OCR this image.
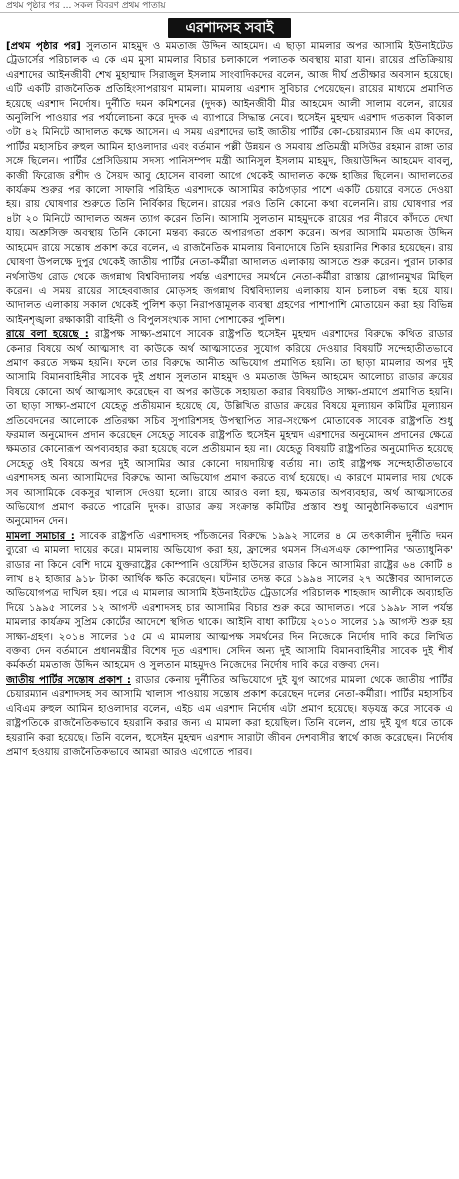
প্রথম পৃষ্ঠার পর ... সকল বিবরণ প্রথম পাতায়
এরশাদসহ সবাই

[প্রথম পৃষ্ঠার পর] সুলতান মাহমুদ ও মমতাজ উদ্দিন আহমেদ। এ ছাড়া মামলার অপর আসামি ইউনাইটেড ট্রেডার্সের পরিচালক এ কে এম মুসা মামলার বিচার চলাকালে পলাতক অবস্থায় মারা যান। রায়ের প্রতিক্রিয়ায় এরশাদের আইনজীবী শেখ মুহাম্মাদ সিরাজুল ইসলাম সাংবাদিকদের বলেন, আজ দীর্ঘ প্রতীক্ষার অবসান হয়েছে। এটি একটি রাজনৈতিক প্রতিহিংসাপরায়ণ মামলা। মামলায় এরশাদ সুবিচার পেয়েছেন। রায়ের মাধ্যমে প্রমাণিত হয়েছে এরশাদ নির্দোষ। দুর্নীতি দমন কমিশনের (দুদক) আইনজীবী মীর আহমেদ আলী সালাম বলেন, রায়ের অনুলিপি পাওয়ার পর পর্যালোচনা করে দুদক এ ব্যাপারে সিদ্ধান্ত নেবে। হুসেইন মুহম্মদ এরশাদ গতকাল বিকাল ৩টা ৪২ মিনিটে আদালত কক্ষে আসেন। এ সময় এরশাদের ভাই জাতীয় পার্টির কো-চেয়ারম্যান জি এম কাদের, পার্টির মহাসচিব রুহুল আমিন হাওলাদার এবং বর্তমান পল্লী উন্নয়ন ও সমবায় প্রতিমন্ত্রী মসিউর রহমান রাঙ্গা তার সঙ্গে ছিলেন। পার্টির প্রেসিডিয়াম সদস্য পানিসম্পদ মন্ত্রী আনিসুল ইসলাম মাহমুদ, জিয়াউদ্দিন আহমেদ বাবলু, কাজী ফিরোজ রশীদ ও সৈয়দ আবু হোসেন বাবলা আগে থেকেই আদালত কক্ষে হাজির ছিলেন। আদালতের কার্যক্রম শুরুর পর কালো সাফারি পরিহিত এরশাদকে আসামির কাঠগড়ার পাশে একটি চেয়ারে বসতে দেওয়া হয়। রায় ঘোষণার শুরুতে তিনি নির্বিকার ছিলেন। রায়ের পরও তিনি কোনো কথা বলেননি। রায় ঘোষণার পর ৪টা ২০ মিনিটে আদালত অঙ্গন ত্যাগ করেন তিনি। আসামি সুলতান মাহমুদকে রায়ের পর নীরবে কাঁদতে দেখা যায়। অশ্রুসিক্ত অবস্থায় তিনি কোনো মন্তব্য করতে অপারগতা প্রকাশ করেন। অপর আসামি মমতাজ উদ্দিন আহমেদ রায়ে সন্তোষ প্রকাশ করে বলেন, এ রাজনৈতিক মামলায় বিনাদোষে তিনি হয়রানির শিকার হয়েছেন। রায় ঘোষণা উপলক্ষে দুপুর থেকেই জাতীয় পার্টির নেতা-কর্মীরা আদালত এলাকায় আসতে শুরু করেন। পুরান ঢাকার নর্থসাউথ রোড থেকে জগন্নাথ বিশ্ববিদ্যালয় পর্যন্ত এরশাদের সমর্থনে নেতা-কর্মীরা রাস্তায় স্লোগানমুখর মিছিল করেন। এ সময় রায়ের সাহেববাজার মোড়সহ জগন্নাথ বিশ্ববিদ্যালয় এলাকায় যান চলাচল বন্ধ হয়ে যায়। আদালত এলাকায় সকাল থেকেই পুলিশ কড়া নিরাপত্তামূলক ব্যবস্থা গ্রহণের পাশাপাশি মোতায়েন করা হয় বিভিন্ন আইনশৃঙ্খলা রক্ষাকারী বাহিনী ও বিপুলসংখ্যক সাদা পোশাকের পুলিশ।

রায়ে বলা হয়েছে : রাষ্ট্রপক্ষ সাক্ষ্য-প্রমাণে সাবেক রাষ্ট্রপতি হুসেইন মুহম্মদ এরশাদের বিরুদ্ধে কথিত রাডার কেনার বিষয়ে অর্থ আত্মসাৎ বা কাউকে অর্থ আত্মসাতের সুযোগ করিয়ে দেওয়ার বিষয়টি সন্দেহাতীতভাবে প্রমাণ করতে সক্ষম হয়নি। ফলে তার বিরুদ্ধে আনীত অভিযোগ প্রমাণিত হয়নি। তা ছাড়া মামলার অপর দুই আসামি বিমানবাহিনীর সাবেক দুই প্রধান সুলতান মাহমুদ ও মমতাজ উদ্দিন আহমেদ আলোচ্য রাডার ক্রয়ের বিষয়ে কোনো অর্থ আত্মসাৎ করেছেন বা অপর কাউকে সহায়তা করার বিষয়টিও সাক্ষ্য-প্রমাণে প্রমাণিত হয়নি। তা ছাড়া সাক্ষ্য-প্রমাণে যেহেতু প্রতীয়মান হয়েছে যে, উল্লিখিত রাডার ক্রয়ের বিষয়ে মূল্যায়ন কমিটির মূল্যায়ন প্রতিবেদনের আলোকে প্রতিরক্ষা সচিব সুপারিশসহ উপস্থাপিত সার-সংক্ষেপ মোতাবেক সাবেক রাষ্ট্রপতি শুধু ফরমাল অনুমোদন প্রদান করেছেন সেহেতু সাবেক রাষ্ট্রপতি হুসেইন মুহম্মদ এরশাদের অনুমোদন প্রদানের ক্ষেত্রে ক্ষমতার কোনোরূপ অপব্যবহার করা হয়েছে বলে প্রতীয়মান হয় না। যেহেতু বিষয়টি রাষ্ট্রপতির অনুমোদিত হয়েছে সেহেতু ওই বিষয়ে অপর দুই আসামির আর কোনো দায়দায়িত্ব বর্তায় না। তাই রাষ্ট্রপক্ষ সন্দেহাতীতভাবে এরশাদসহ অন্য আসামিদের বিরুদ্ধে আনা অভিযোগ প্রমাণ করতে ব্যর্থ হয়েছে। এ কারণে মামলার দায় থেকে সব আসামিকে বেকসুর খালাস দেওয়া হলো। রায়ে আরও বলা হয়, ক্ষমতার অপব্যবহার, অর্থ আত্মসাতের অভিযোগ প্রমাণ করতে পারেনি দুদক। রাডার ক্রয় সংক্রান্ত কমিটির প্রস্তাব শুধু আনুষ্ঠানিকভাবে এরশাদ অনুমোদন দেন।

মামলা সমাচার : সাবেক রাষ্ট্রপতি এরশাদসহ পাঁচজনের বিরুদ্ধে ১৯৯২ সালের ৪ মে তৎকালীন দুর্নীতি দমন ব্যুরো এ মামলা দায়ের করে। মামলায় অভিযোগ করা হয়, ফ্রান্সের থমসন সিএসএফ কোম্পানির 'অত্যাধুনিক' রাডার না কিনে বেশি দামে যুক্তরাষ্ট্রের কোম্পানি ওয়েস্টিন হাউসের রাডার কিনে আসামিরা রাষ্ট্রের ৬৪ কোটি ৪ লাখ ৪২ হাজার ৯১৮ টাকা আর্থিক ক্ষতি করেছেন। ঘটনার তদন্ত করে ১৯৯৪ সালের ২৭ অক্টোবর আদালতে অভিযোগপত্র দাখিল হয়। পরে এ মামলার আসামি ইউনাইটেড ট্রেডার্সের পরিচালক শাহজাদ আলীকে অব্যাহতি দিয়ে ১৯৯৫ সালের ১২ আগস্ট এরশাদসহ চার আসামির বিচার শুরু করে আদালত। পরে ১৯৯৮ সাল পর্যন্ত মামলার কার্যক্রম সুপ্রিম কোর্টের আদেশে স্থগিত থাকে। আইনি বাধা কাটিয়ে ২০১০ সালের ১৯ আগস্ট শুরু হয় সাক্ষ্য-গ্রহণ। ২০১৪ সালের ১৫ মে এ মামলায় আত্মপক্ষ সমর্থনের দিন নিজেকে নির্দোষ দাবি করে লিখিত বক্তব্য দেন বর্তমানে প্রধানমন্ত্রীর বিশেষ দূত এরশাদ। সেদিন অন্য দুই আসামি বিমানবাহিনীর সাবেক দুই শীর্ষ কর্মকর্তা মমতাজ উদ্দিন আহমেদ ও সুলতান মাহমুদও নিজেদের নির্দোষ দাবি করে বক্তব্য দেন।

জাতীয় পার্টির সন্তোষ প্রকাশ : রাডার কেনায় দুর্নীতির অভিযোগে দুই যুগ আগের মামলা থেকে জাতীয় পার্টির চেয়ারম্যান এরশাদসহ সব আসামি খালাস পাওয়ায় সন্তোষ প্রকাশ করেছেন দলের নেতা-কর্মীরা। পার্টির মহাসচিব এবিএম রুহুল আমিন হাওলাদার বলেন, এইচ এম এরশাদ নির্দোষ এটা প্রমাণ হয়েছে। ষড়যন্ত্র করে সাবেক এ রাষ্ট্রপতিকে রাজনৈতিকভাবে হয়রানি করার জন্য এ মামলা করা হয়েছিল। তিনি বলেন, প্রায় দুই যুগ ধরে তাকে হয়রানি করা হয়েছে। তিনি বলেন, হুসেইন মুহম্মদ এরশাদ সারাটা জীবন দেশবাসীর স্বার্থে কাজ করেছেন। নির্দোষ প্রমাণ হওয়ায় রাজনৈতিকভাবে আমরা আরও এগোতে পারব।
